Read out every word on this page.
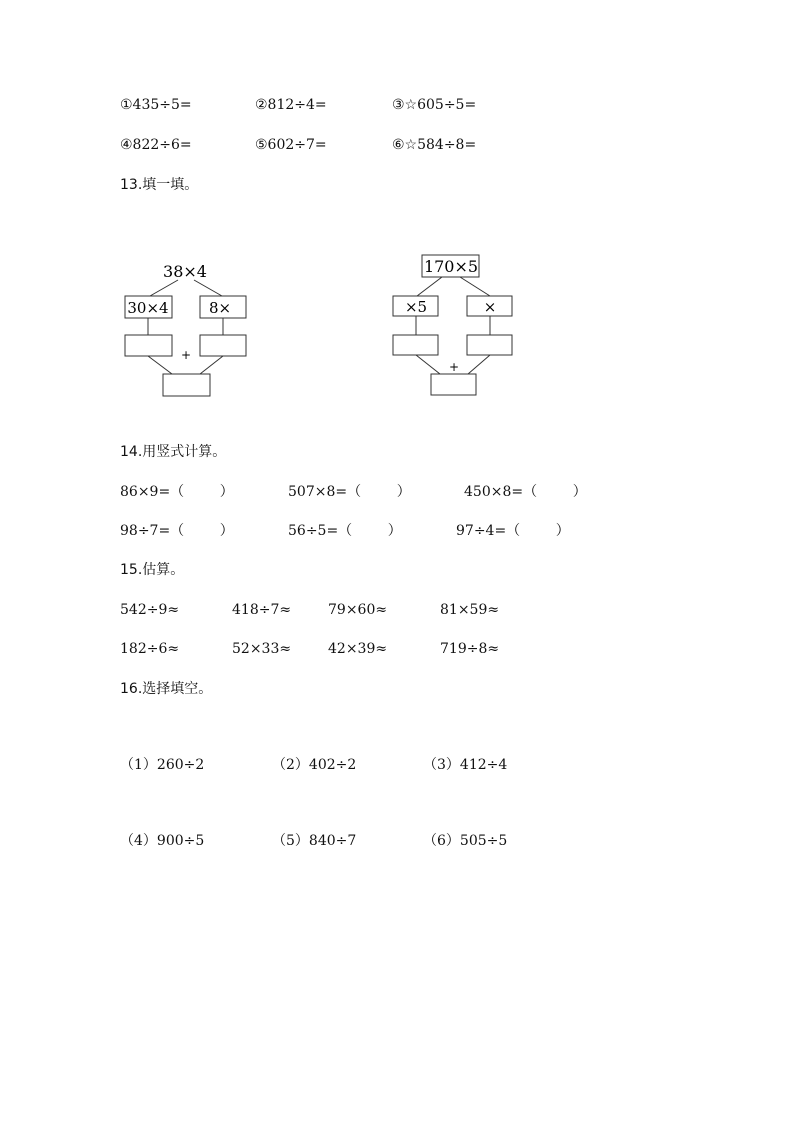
①435÷5=	②812÷4=	③☆605÷5=
④822÷6=	⑤602÷7=	⑥☆584÷8=
13.填一填。
38×4
30×4	8×
+
170×5
×5	×
+
14.用竖式计算。
86×9=（        ）	507×8=（        ）	450×8=（        ）
98÷7=（        ）	56÷5=（        ）	97÷4=（        ）
15.估算。
542÷9≈	418÷7≈	79×60≈	81×59≈
182÷6≈	52×33≈	42×39≈	719÷8≈
16.选择填空。
（1）260÷2	（2）402÷2	（3）412÷4
（4）900÷5	（5）840÷7	（6）505÷5
